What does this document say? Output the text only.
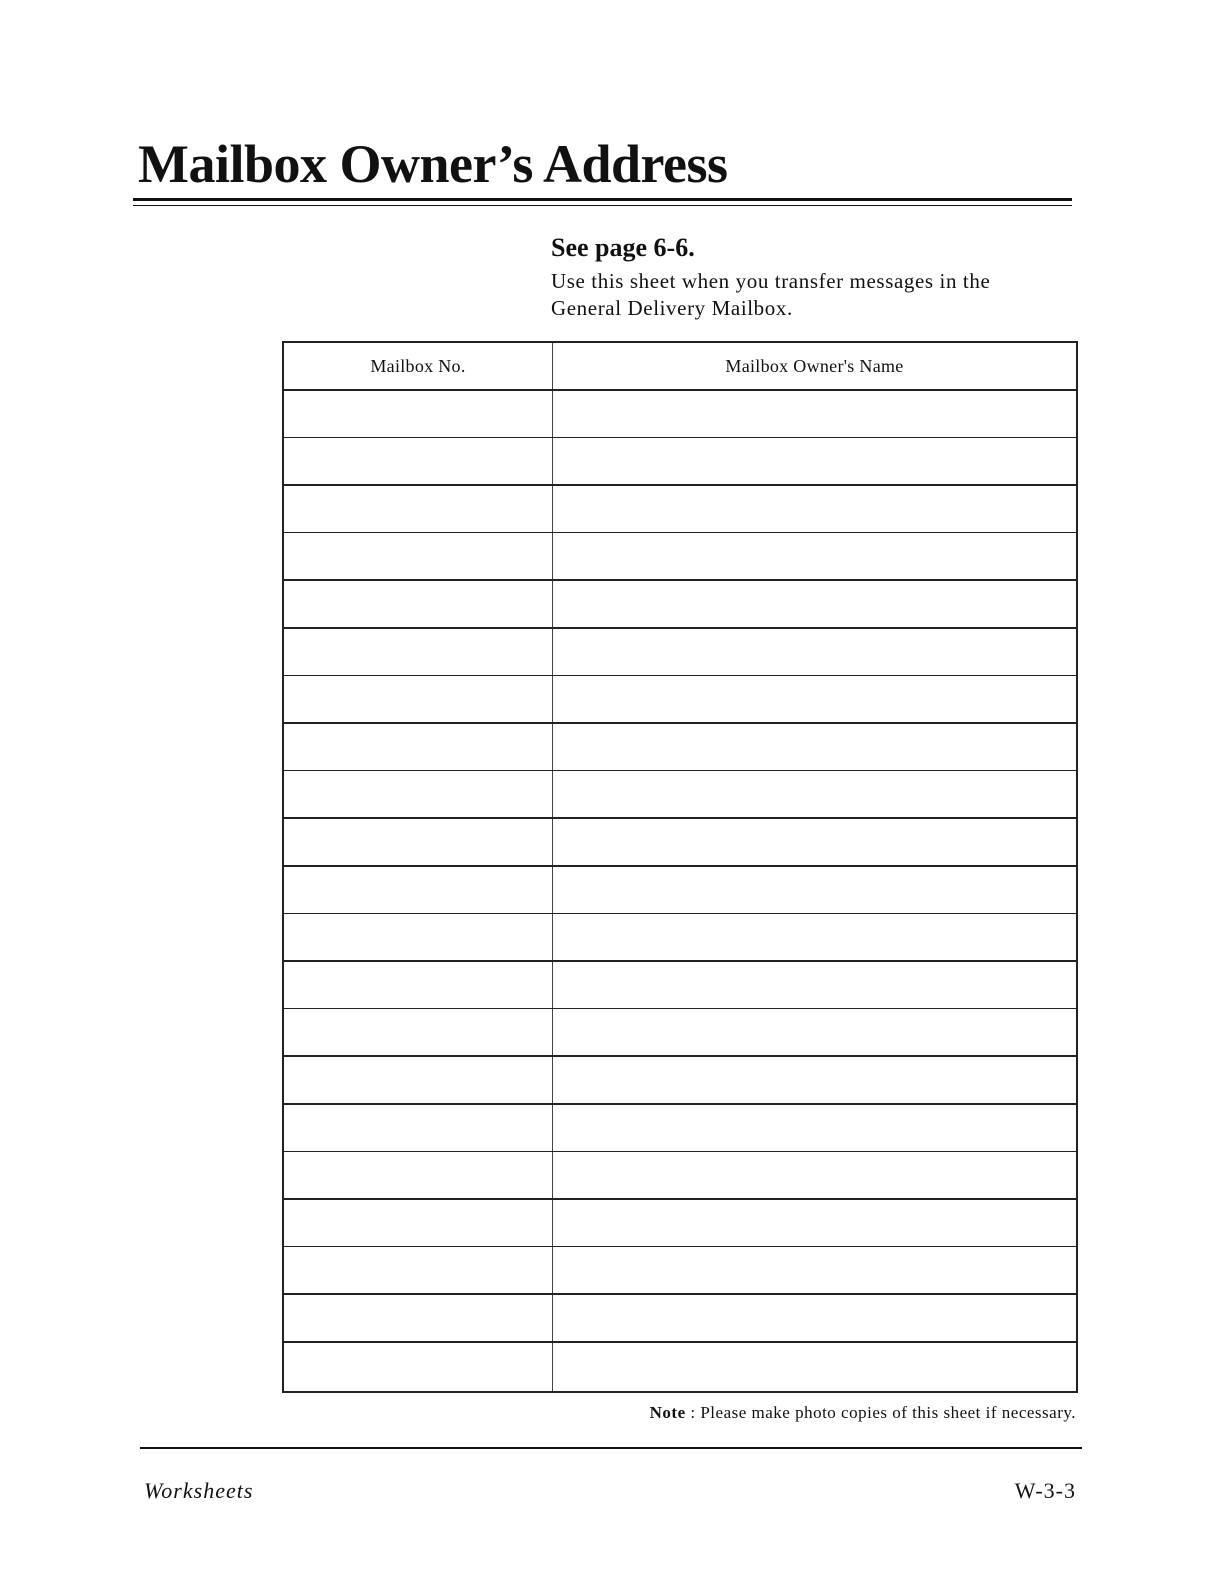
Mailbox Owner’s Address
See page 6-6.
Use this sheet when you transfer messages in the
General Delivery Mailbox.
Mailbox No.	Mailbox Owner's Name
Note : Please make photo copies of this sheet if necessary.
Worksheets	W-3-3
